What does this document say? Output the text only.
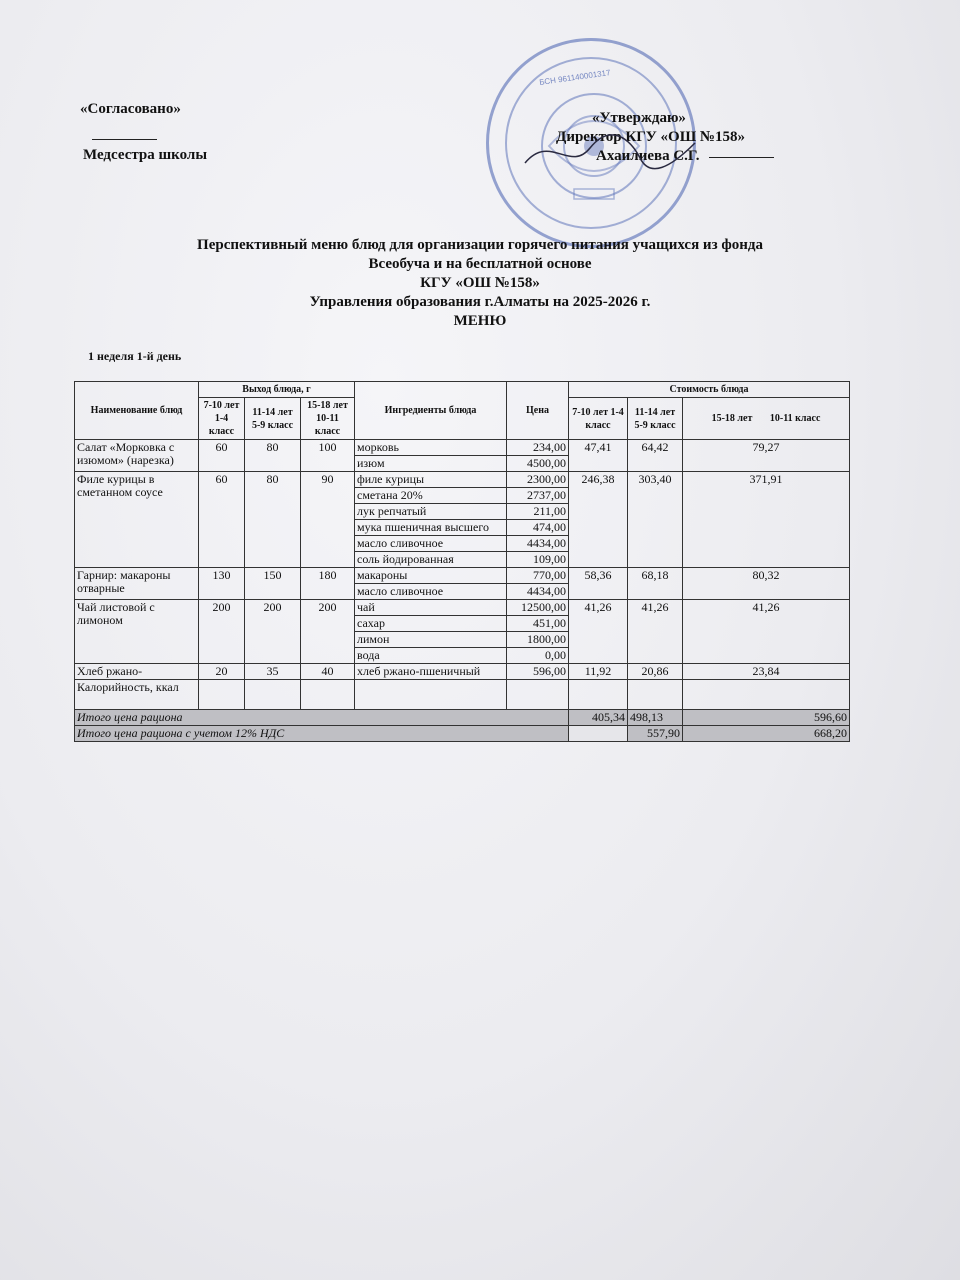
«Согласовано»
Медсестра школы
БСН 961140001317
«Утверждаю»
Директор КГУ «ОШ №158»
Ахаилиева С.Г.
Перспективный меню блюд для организации горячего питания учащихся из фонда
Всеобуча и на бесплатной основе
КГУ «ОШ №158»
Управления образования г.Алматы на 2025-2026 г.
МЕНЮ
1 неделя 1-й день
Наименование блюд	Выход блюда, г			Ингредиенты блюда	Цена	Стоимость блюда		
	7-10 лет 1-4 класс	11-14 лет 5-9 класс	15-18 лет 10-11 класс			7-10 лет 1-4 класс	11-14 лет 5-9 класс	15-18 лет       10-11 класс
Салат «Морковка с изюмом» (нарезка)	60	80	100	морковь	234,00	47,41	64,42	79,27
				изюм	4500,00			
Филе курицы в сметанном соусе	60	80	90	филе курицы	2300,00	246,38	303,40	371,91
				сметана 20%	2737,00			
				лук репчатый	211,00			
				мука пшеничная высшего	474,00			
				масло сливочное	4434,00			
				соль йодированная	109,00			
Гарнир: макароны отварные	130	150	180	макароны	770,00	58,36	68,18	80,32
				масло сливочное	4434,00			
Чай листовой с лимоном	200	200	200	чай	12500,00	41,26	41,26	41,26
				сахар	451,00			
				лимон	1800,00			
				вода	0,00			
Хлеб ржано-	20	35	40	хлеб ржано-пшеничный	596,00	11,92	20,86	23,84
Калорийность, ккал								
Итого цена рациона						405,34	498,13	596,60
Итого цена рациона с учетом 12% НДС							557,90	668,20
